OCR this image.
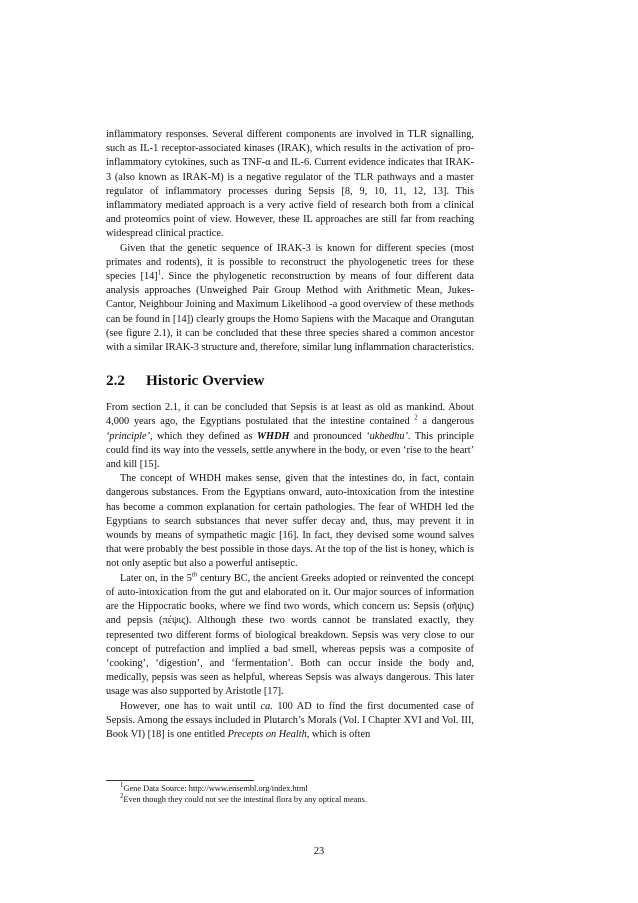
inflammatory responses. Several different components are involved in TLR signalling, such as IL-1 receptor-associated kinases (IRAK), which results in the activation of pro-inflammatory cytokines, such as TNF-α and IL-6. Current evidence indicates that IRAK-3 (also known as IRAK-M) is a negative regulator of the TLR pathways and a master regulator of inflammatory processes during Sepsis [8, 9, 10, 11, 12, 13]. This inflammatory mediated approach is a very active field of research both from a clinical and proteomics point of view. However, these IL approaches are still far from reaching widespread clinical practice.

Given that the genetic sequence of IRAK-3 is known for different species (most primates and rodents), it is possible to reconstruct the phyologenetic trees for these species $[14]^1$. Since the phylogenetic reconstruction by means of four different data analysis approaches (Unweighed Pair Group Method with Arithmetic Mean, Jukes-Cantor, Neighbour Joining and Maximum Likelihood -a good overview of these methods can be found in [14]) clearly groups the Homo Sapiens with the Macaque and Orangutan (see figure 2.1), it can be concluded that these three species shared a common ancestor with a similar IRAK-3 structure and, therefore, similar lung inflammation characteristics.

2.2 Historic Overview

From section 2.1, it can be concluded that Sepsis is at least as old as mankind. About 4,000 years ago, the Egyptians postulated that the intestine contained $^2$ a dangerous ‘principle’, which they defined as WHDH and pronounced ‘ukhedhu’. This principle could find its way into the vessels, settle anywhere in the body, or even ‘rise to the heart’ and kill [15].

The concept of WHDH makes sense, given that the intestines do, in fact, contain dangerous substances. From the Egyptians onward, auto-intoxication from the intestine has become a common explanation for certain pathologies. The fear of WHDH led the Egyptians to search substances that never suffer decay and, thus, may prevent it in wounds by means of sympathetic magic [16]. In fact, they devised some wound salves that were probably the best possible in those days. At the top of the list is honey, which is not only aseptic but also a powerful antiseptic.

Later on, in the 5th century BC, the ancient Greeks adopted or reinvented the concept of auto-intoxication from the gut and elaborated on it. Our major sources of information are the Hippocratic books, where we find two words, which concern us: Sepsis (σῆψις) and pepsis (πέψις). Although these two words cannot be translated exactly, they represented two different forms of biological breakdown. Sepsis was very close to our concept of putrefaction and implied a bad smell, whereas pepsis was a composite of ‘cooking’, ‘digestion’, and ‘fermentation’. Both can occur inside the body and, medically, pepsis was seen as helpful, whereas Sepsis was always dangerous. This later usage was also supported by Aristotle [17].

However, one has to wait until ca. 100 AD to find the first documented case of Sepsis. Among the essays included in Plutarch’s Morals (Vol. I Chapter XVI and Vol. III, Book VI) [18] is one entitled Precepts on Health, which is often

$^1$Gene Data Source: http://www.ensembl.org/index.html

$^2$Even though they could not see the intestinal flora by any optical means.

23
